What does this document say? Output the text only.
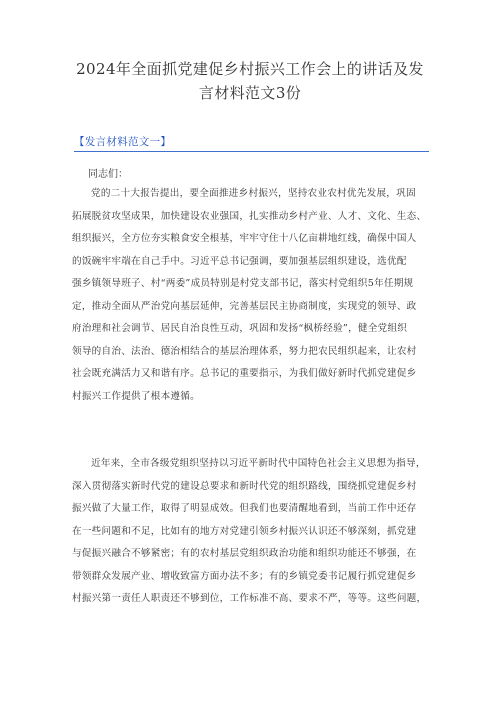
2024年全面抓党建促乡村振兴工作会上的讲话及发
言材料范文3份
【发言材料范文一】
同志们：
党的二十大报告提出，要全面推进乡村振兴，坚持农业农村优先发展，巩固
拓展脱贫攻坚成果，加快建设农业强国，扎实推动乡村产业、人才、文化、生态、
组织振兴，全方位夯实粮食安全根基，牢牢守住十八亿亩耕地红线，确保中国人
的饭碗牢牢端在自己手中。习近平总书记强调，要加强基层组织建设，选优配
强乡镇领导班子、村“两委”成员特别是村党支部书记，落实村党组织5年任期规
定，推动全面从严治党向基层延伸，完善基层民主协商制度，实现党的领导、政
府治理和社会调节、居民自治良性互动，巩固和发扬“枫桥经验”，健全党组织
领导的自治、法治、德治相结合的基层治理体系，努力把农民组织起来，让农村
社会既充满活力又和谐有序。总书记的重要指示，为我们做好新时代抓党建促乡
村振兴工作提供了根本遵循。
近年来，全市各级党组织坚持以习近平新时代中国特色社会主义思想为指导，
深入贯彻落实新时代党的建设总要求和新时代党的组织路线，围绕抓党建促乡村
振兴做了大量工作，取得了明显成效。但我们也要清醒地看到，当前工作中还存
在一些问题和不足，比如有的地方对党建引领乡村振兴认识还不够深刻，抓党建
与促振兴融合不够紧密；有的农村基层党组织政治功能和组织功能还不够强，在
带领群众发展产业、增收致富方面办法不多；有的乡镇党委书记履行抓党建促乡
村振兴第一责任人职责还不够到位，工作标准不高、要求不严，等等。这些问题，
